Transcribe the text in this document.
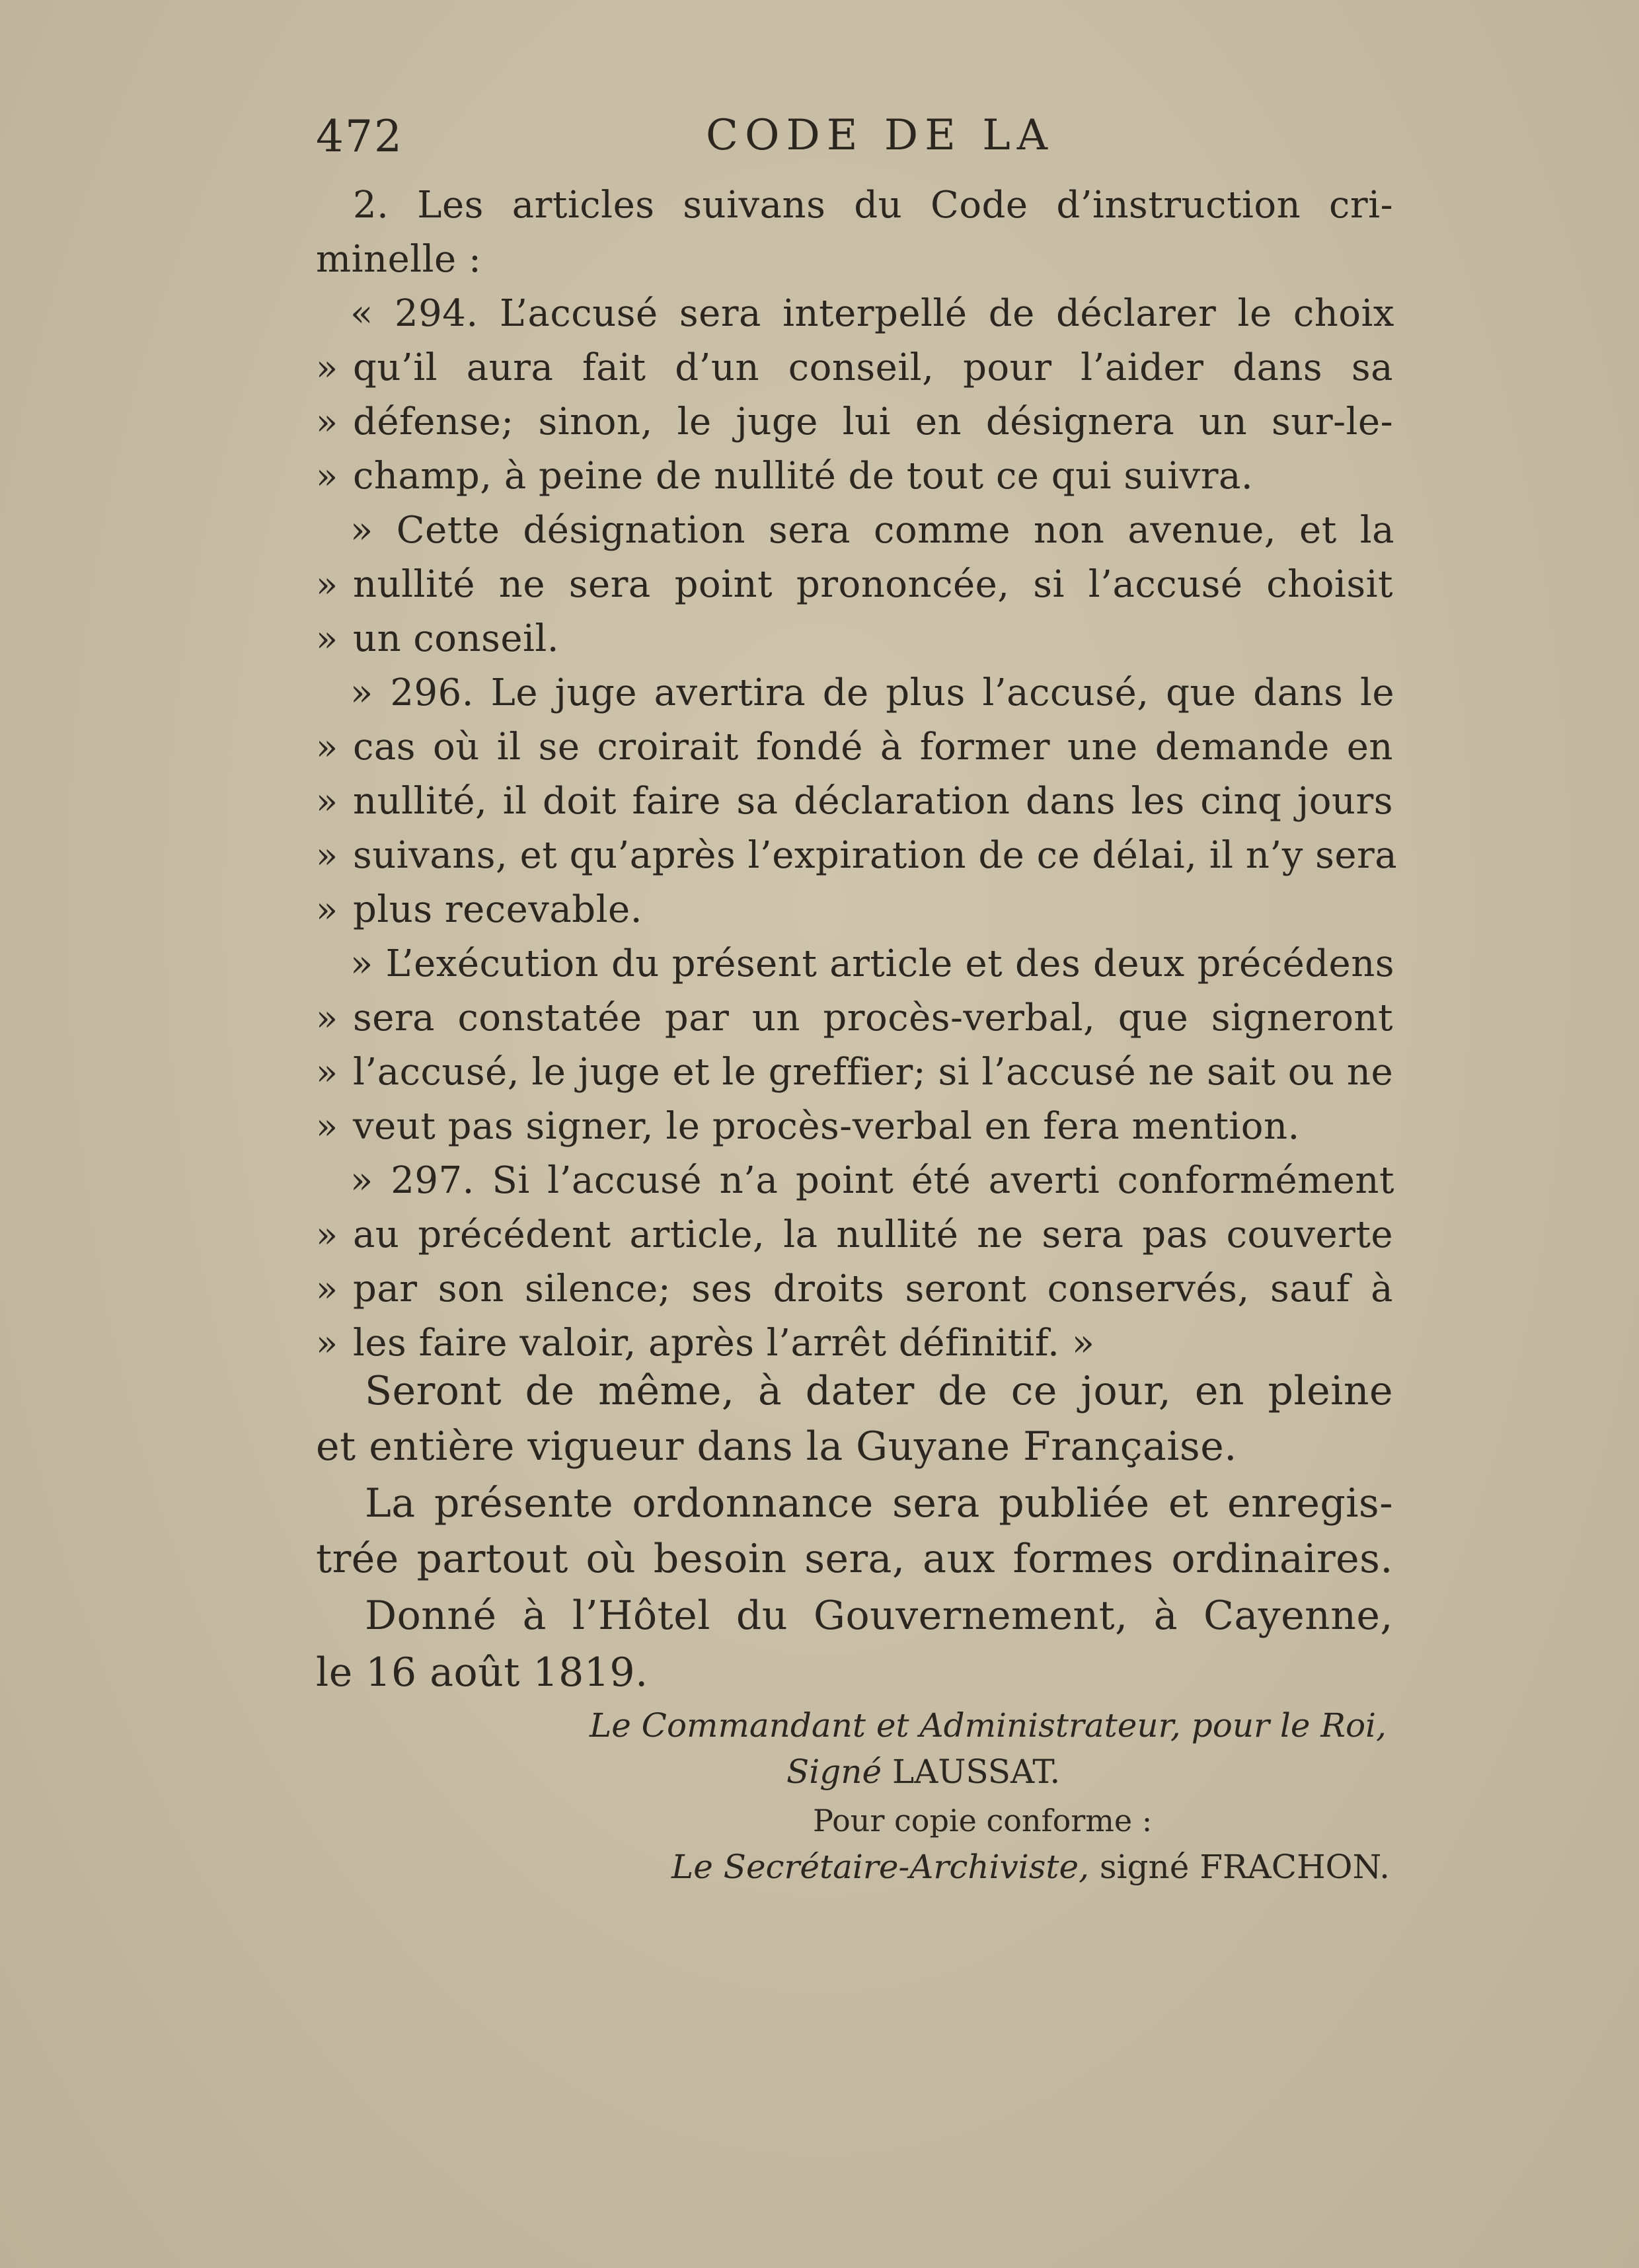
472	CODE DE LA
2. Les articles suivans du Code d’instruction cri-
minelle :
« 294. L’accusé sera interpellé de déclarer le choix
» qu’il aura fait d’un conseil, pour l’aider dans sa
» défense; sinon, le juge lui en désignera un sur-le-
» champ, à peine de nullité de tout ce qui suivra.
» Cette désignation sera comme non avenue, et la
» nullité ne sera point prononcée, si l’accusé choisit
» un conseil.
» 296. Le juge avertira de plus l’accusé, que dans le
» cas où il se croirait fondé à former une demande en
» nullité, il doit faire sa déclaration dans les cinq jours
» suivans, et qu’après l’expiration de ce délai, il n’y sera
» plus recevable.
» L’exécution du présent article et des deux précédens
» sera constatée par un procès-verbal, que signeront
» l’accusé, le juge et le greffier; si l’accusé ne sait ou ne
» veut pas signer, le procès-verbal en fera mention.
» 297. Si l’accusé n’a point été averti conformément
» au précédent article, la nullité ne sera pas couverte
» par son silence; ses droits seront conservés, sauf à
» les faire valoir, après l’arrêt définitif. »
Seront de même, à dater de ce jour, en pleine
et entière vigueur dans la Guyane Française.
La présente ordonnance sera publiée et enregis-
trée partout où besoin sera, aux formes ordinaires.
Donné à l’Hôtel du Gouvernement, à Cayenne,
le 16 août 1819.
Le Commandant et Administrateur, pour le Roi,
Signé LAUSSAT.
Pour copie conforme :
Le Secrétaire-Archiviste, signé FRACHON.
